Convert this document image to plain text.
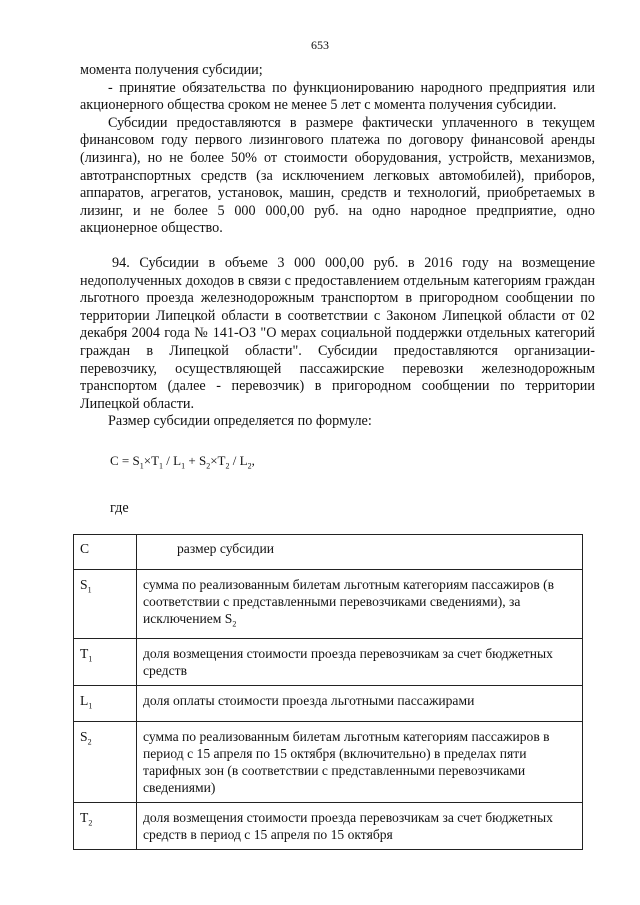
653

момента получения субсидии;

- принятие обязательства по функционированию народного предприятия или акционерного общества сроком не менее 5 лет с момента получения субсидии.

Субсидии предоставляются в размере фактически уплаченного в текущем финансовом году первого лизингового платежа по договору финансовой аренды (лизинга), но не более 50% от стоимости оборудования, устройств, механизмов, автотранспортных средств (за исключением легковых автомобилей), приборов, аппаратов, агрегатов, установок, машин, средств и технологий, приобретаемых в лизинг, и не более 5 000 000,00 руб. на одно народное предприятие, одно акционерное общество.

94. Субсидии в объеме 3 000 000,00 руб. в 2016 году на возмещение недополученных доходов в связи с предоставлением отдельным категориям граждан льготного проезда железнодорожным транспортом в пригородном сообщении по территории Липецкой области в соответствии с Законом Липецкой области от 02 декабря 2004 года № 141-ОЗ "О мерах социальной поддержки отдельных категорий граждан в Липецкой области". Субсидии предоставляются организации-перевозчику, осуществляющей пассажирские перевозки железнодорожным транспортом (далее - перевозчик) в пригородном сообщении по территории Липецкой области.

Размер субсидии определяется по формуле:

$C = S_1\times T_1 / L_1 + S_2\times T_2 / L_2$,
где
C	размер субсидии
$S_1$	сумма по реализованным билетам льготным категориям пассажиров (в соответствии с представленными перевозчиками сведениями), за исключением $S_2$
$T_1$	доля возмещения стоимости проезда перевозчикам за счет бюджетных средств
$L_1$	доля оплаты стоимости проезда льготными пассажирами
$S_2$	сумма по реализованным билетам льготным категориям пассажиров в период с 15 апреля по 15 октября (включительно) в пределах пяти тарифных зон (в соответствии с представленными перевозчиками сведениями)
$T_2$	доля возмещения стоимости проезда перевозчикам за счет бюджетных средств в период с 15 апреля по 15 октября
